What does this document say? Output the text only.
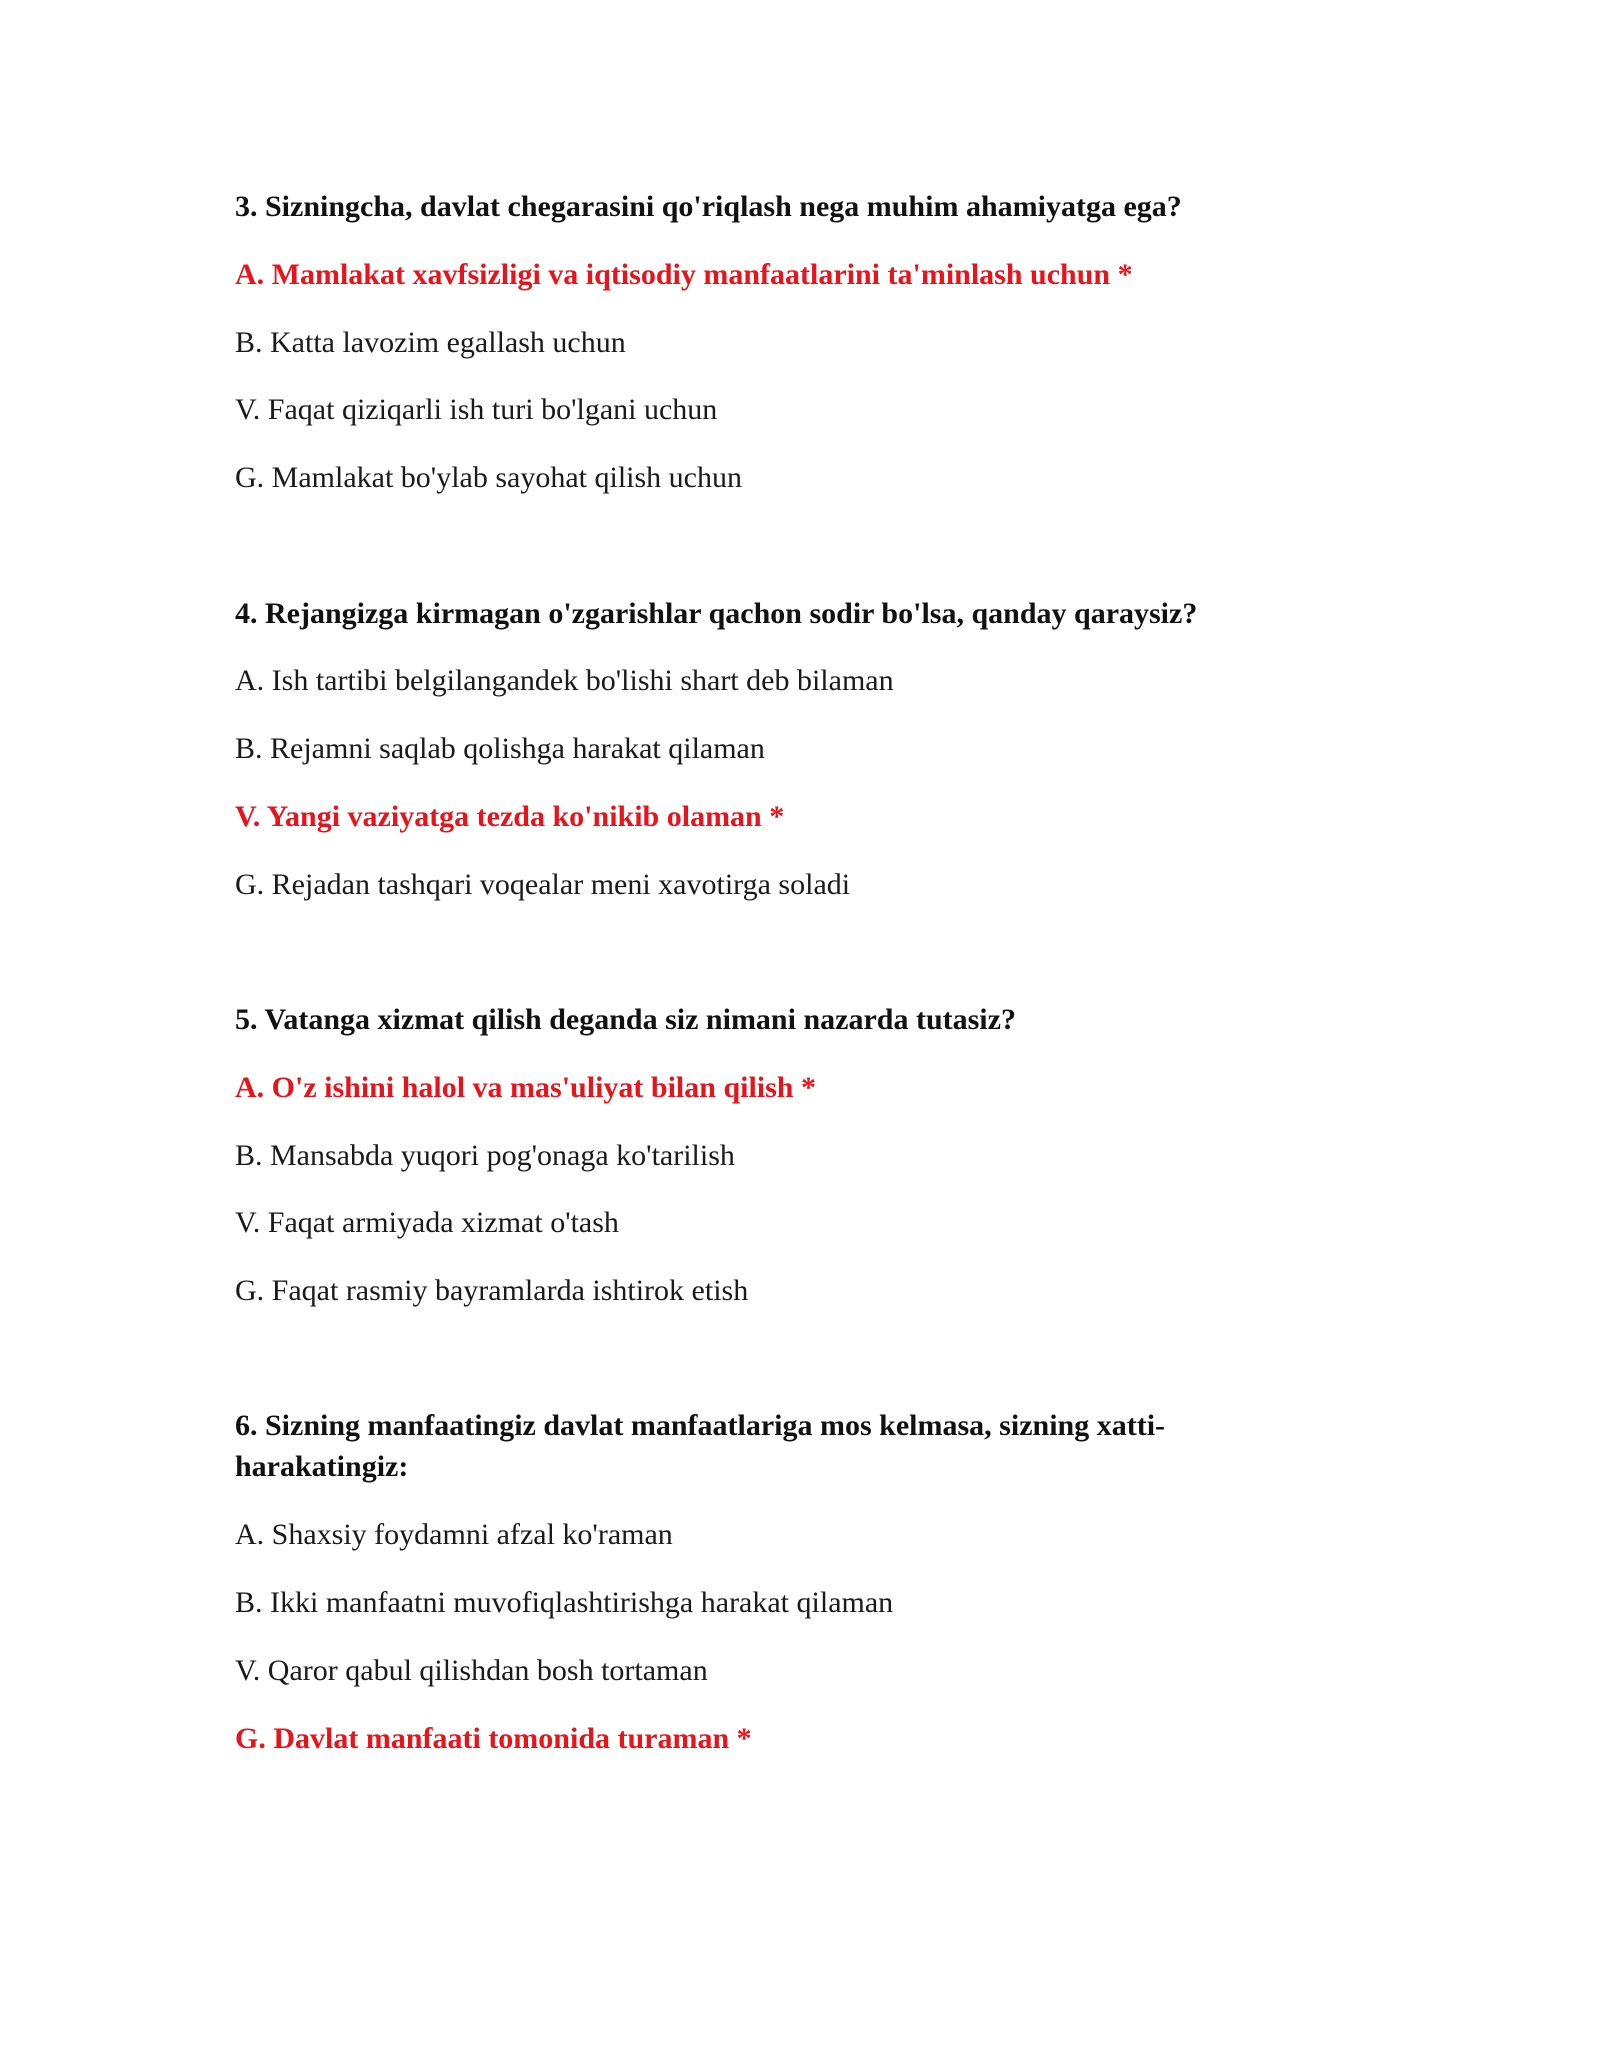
3. Sizningcha, davlat chegarasini qo'riqlash nega muhim ahamiyatga ega?

A. Mamlakat xavfsizligi va iqtisodiy manfaatlarini ta'minlash uchun *

B. Katta lavozim egallash uchun

V. Faqat qiziqarli ish turi bo'lgani uchun

G. Mamlakat bo'ylab sayohat qilish uchun

4. Rejangizga kirmagan o'zgarishlar qachon sodir bo'lsa, qanday qaraysiz?

A. Ish tartibi belgilangandek bo'lishi shart deb bilaman

B. Rejamni saqlab qolishga harakat qilaman

V. Yangi vaziyatga tezda ko'nikib olaman *

G. Rejadan tashqari voqealar meni xavotirga soladi

5. Vatanga xizmat qilish deganda siz nimani nazarda tutasiz?

A. O'z ishini halol va mas'uliyat bilan qilish *

B. Mansabda yuqori pog'onaga ko'tarilish

V. Faqat armiyada xizmat o'tash

G. Faqat rasmiy bayramlarda ishtirok etish

6. Sizning manfaatingiz davlat manfaatlariga mos kelmasa, sizning xatti-harakatingiz:

A. Shaxsiy foydamni afzal ko'raman

B. Ikki manfaatni muvofiqlashtirishga harakat qilaman

V. Qaror qabul qilishdan bosh tortaman

G. Davlat manfaati tomonida turaman *
